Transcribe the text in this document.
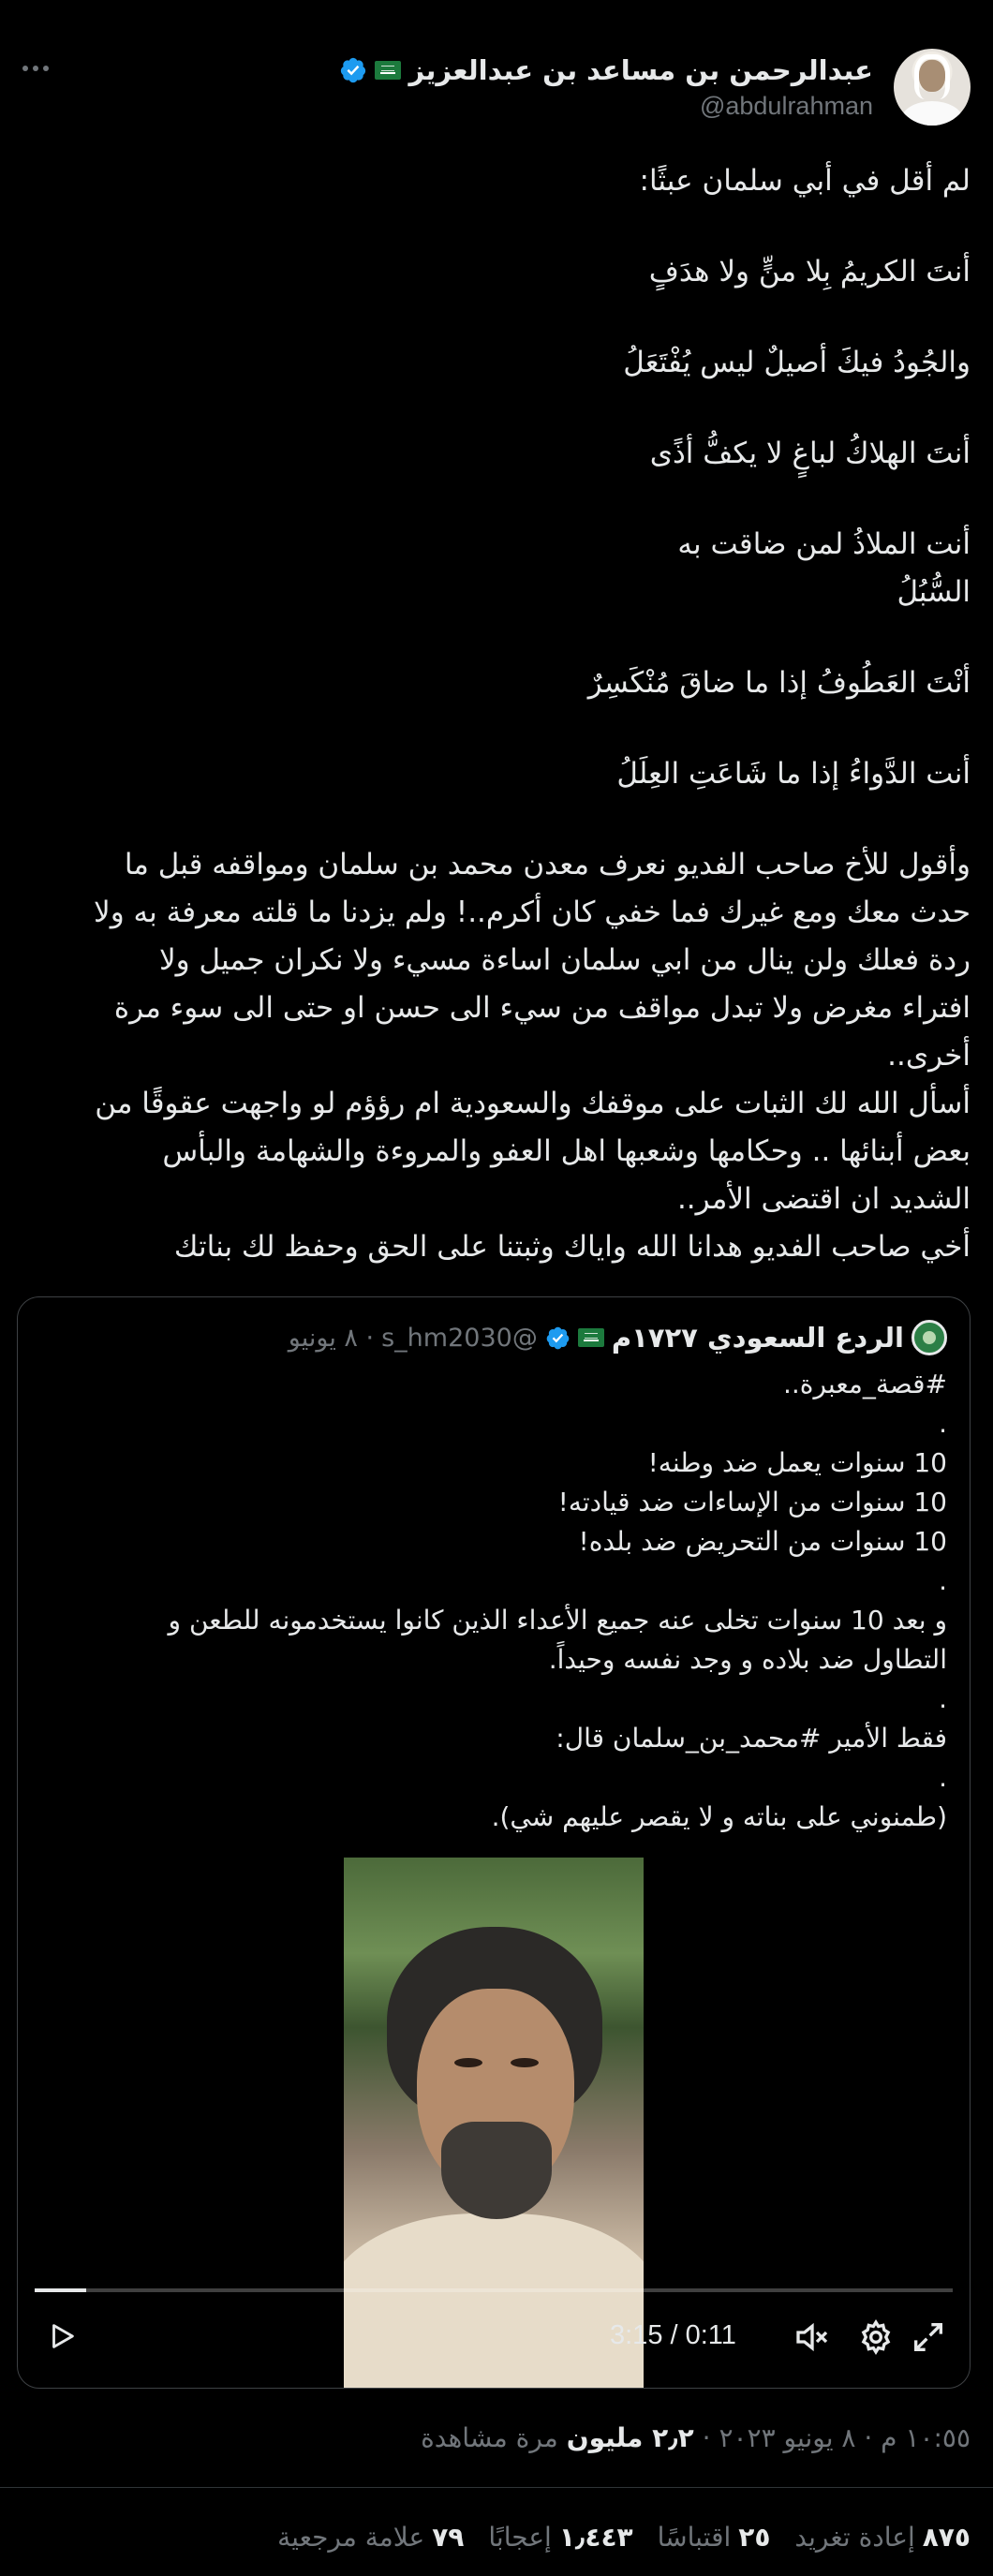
عبدالرحمن بن مساعد بن عبدالعزيز
@abdulrahman

لم أقل في أبي سلمان عبثًا:

أنتَ الكريمُ بِلا منٍّ ولا هدَفٍ

والجُودُ فيكَ أصيلٌ ليس يُفْتَعَلُ

أنتَ الهلاكُ لباغٍ لا يكفُّ أذًى

أنت الملاذُ لمن ضاقت به

السُّبُلُ

أنْتَ العَطُوفُ إذا ما ضاقَ مُنْكَسِرٌ

أنت الدَّواءُ إذا ما شَاعَتِ العِلَلُ

وأقول للأخ صاحب الفديو نعرف معدن محمد بن سلمان ومواقفه قبل ما

حدث معك ومع غيرك فما خفي كان أكرم..! ولم يزدنا ما قلته معرفة به ولا

ردة فعلك ولن ينال من ابي سلمان اساءة مسيء ولا نكران جميل ولا

افتراء مغرض ولا تبدل مواقف من سيء الى حسن او حتى الى سوء مرة

أخرى..

أسأل الله لك الثبات على موقفك والسعودية ام رؤؤم لو واجهت عقوقًا من

بعض أبنائها .. وحكامها وشعبها اهل العفو والمروءة والشهامة والبأس

الشديد ان اقتضى الأمر..

أخي صاحب الفديو هدانا الله واياك وثبتنا على الحق وحفظ لك بناتك

الردع السعودي ١٧٢٧م
@s_hm2030
· ٨ يونيو

#قصة_معبرة..

.

10 سنوات يعمل ضد وطنه!

10 سنوات من الإساءات ضد قيادته!

10 سنوات من التحريض ضد بلده!

.

و بعد 10 سنوات تخلى عنه جميع الأعداء الذين كانوا يستخدمونه للطعن و

التطاول ضد بلاده و وجد نفسه وحيداً.

.

فقط الأمير #محمد_بن_سلمان قال:

.

(طمنوني على بناته و لا يقصر عليهم شي).

3:15 / 0:11
١٠:٥٥ م · ٨ يونيو ٢٠٢٣ · ٢٫٢ مليون مرة مشاهدة
٨٧٥إعادة تغريد
٢٥اقتباسًا
١٫٤٤٣إعجابًا
٧٩علامة مرجعية
